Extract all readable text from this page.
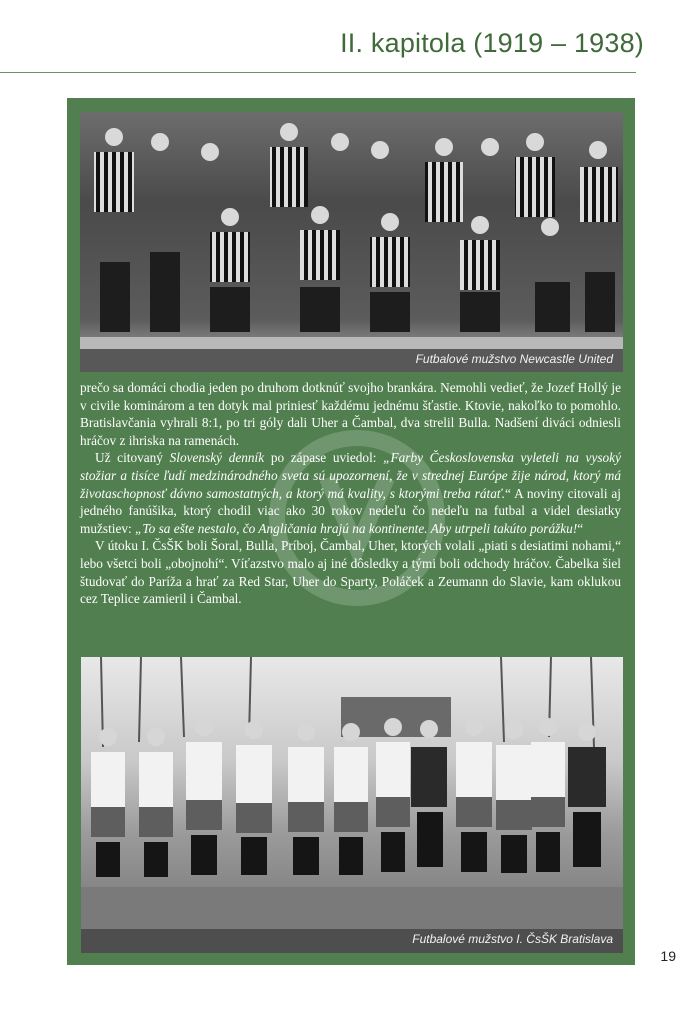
II. kapitola (1919 – 1938)
Futbalové mužstvo Newcastle United

prečo sa domáci chodia jeden po druhom dotknúť svojho brankára. Nemohli vedieť, že Jozef Hollý je v civile kominárom a ten dotyk mal priniesť každému jednému šťastie. Ktovie, nakoľko to pomohlo. Bratislavčania vyhrali 8:1, po tri góly dali Uher a Čambal, dva strelil Bulla. Nadšení diváci odniesli hráčov z ihriska na ramenách.

Už citovaný Slovenský denník po zápase uviedol: „Farby Československa vyleteli na vysoký stožiar a tisíce ľudí medzinárodného sveta sú upozornení, že v strednej Európe žije národ, ktorý má životaschopnosť dávno samostatných, a ktorý má kvality, s ktorými treba rátať.“ A noviny citovali aj jedného fanúšika, ktorý chodil viac ako 30 rokov nedeľu čo nedeľu na futbal a videl desiatky mužstiev: „To sa ešte nestalo, čo Angličania hrajú na kontinente. Aby utrpeli takúto porážku!“

V útoku I. ČsŠK boli Šoral, Bulla, Príboj, Čambal, Uher, ktorých volali „piati s desiatimi nohami,“ lebo všetci boli „obojnohí“. Víťazstvo malo aj iné dôsledky a tými boli odchody hráčov. Čabelka šiel študovať do Paríža a hrať za Red Star, Uher do Sparty, Poláček a Zeumann do Slavie, kam oklukou cez Teplice zamieril i Čambal.

Futbalové mužstvo I. ČsŠK Bratislava
19
